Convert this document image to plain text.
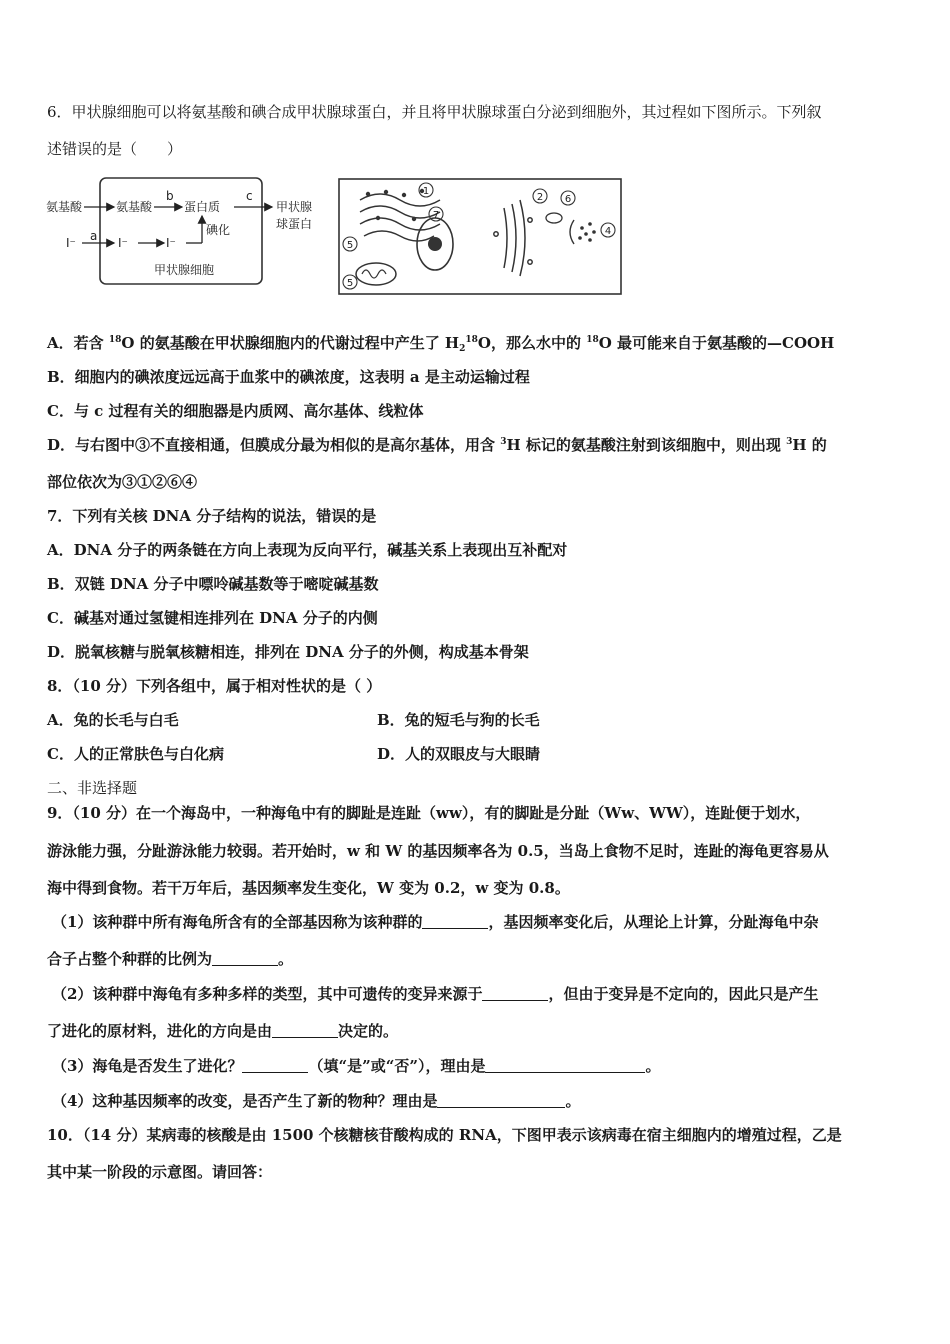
6．甲状腺细胞可以将氨基酸和碘合成甲状腺球蛋白，并且将甲状腺球蛋白分泌到细胞外，其过程如下图所示。下列叙
述错误的是（　　）
氨基酸	氨基酸
b
蛋白质
碘化
c
甲状腺
球蛋白
I⁻ a I⁻	I⁻
甲状腺细胞
1
2
4
5
5
6
7
A．若含 $^{18}$O 的氨基酸在甲状腺细胞内的代谢过程中产生了 $H_2^{18}O$，那么水中的 $^{18}$O 最可能来自于氨基酸的—COOH
B．细胞内的碘浓度远远高于血浆中的碘浓度，这表明 a 是主动运输过程
C．与 c 过程有关的细胞器是内质网、高尔基体、线粒体
D．与右图中③不直接相通，但膜成分最为相似的是高尔基体，用含 $^3$H 标记的氨基酸注射到该细胞中，则出现 $^3$H 的
部位依次为③①②⑥④
7．下列有关核 DNA 分子结构的说法，错误的是
A．DNA 分子的两条链在方向上表现为反向平行，碱基关系上表现出互补配对
B．双链 DNA 分子中嘌呤碱基数等于嘧啶碱基数
C．碱基对通过氢键相连排列在 DNA 分子的内侧
D．脱氧核糖与脱氧核糖相连，排列在 DNA 分子的外侧，构成基本骨架
8．（10 分）下列各组中，属于相对性状的是（ ）
A．兔的长毛与白毛	B．兔的短毛与狗的长毛
C．人的正常肤色与白化病	D．人的双眼皮与大眼睛
二、非选择题
9．（10 分）在一个海岛中，一种海龟中有的脚趾是连趾（ww），有的脚趾是分趾（Ww、WW），连趾便于划水，
游泳能力强，分趾游泳能力较弱。若开始时，w 和 W 的基因频率各为 0.5，当岛上食物不足时，连趾的海龟更容易从
海中得到食物。若干万年后，基因频率发生变化，W 变为 0.2，w 变为 0.8。
（1）该种群中所有海龟所含有的全部基因称为该种群的	，基因频率变化后，从理论上计算，分趾海龟中杂
合子占整个种群的比例为	。
（2）该种群中海龟有多种多样的类型，其中可遗传的变异来源于	，但由于变异是不定向的，因此只是产生
了进化的原材料，进化的方向是由	决定的。
（3）海龟是否发生了进化？	（填“是”或“否”），理由是	。
（4）这种基因频率的改变，是否产生了新的物种？理由是	。
10．（14 分）某病毒的核酸是由 1500 个核糖核苷酸构成的 RNA，下图甲表示该病毒在宿主细胞内的增殖过程，乙是
其中某一阶段的示意图。请回答：
